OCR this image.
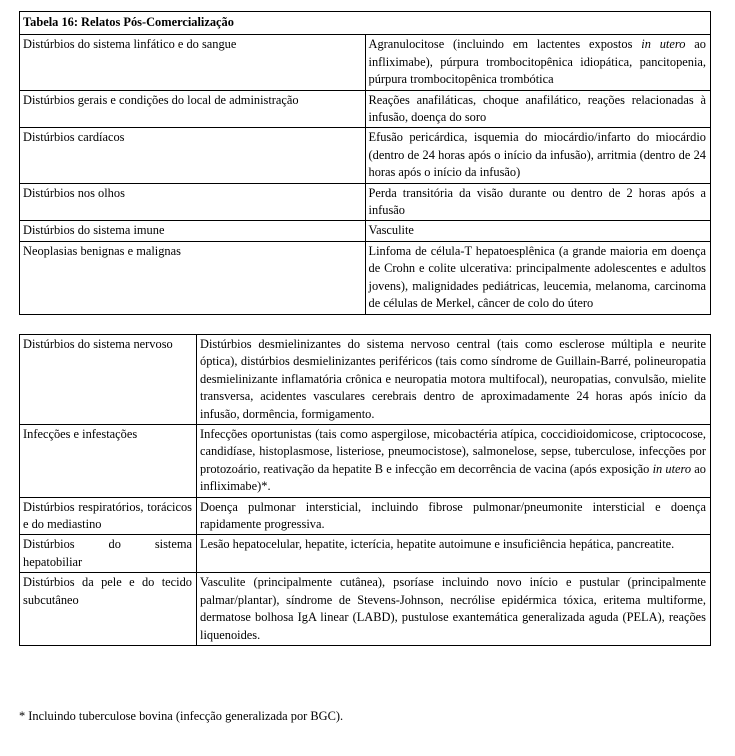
Tabela 16: Relatos Pós-Comercialização	
Distúrbios do sistema linfático e do sangue	Agranulocitose (incluindo em lactentes expostos in utero ao infliximabe), púrpura trombocitopênica idiopática, pancitopenia, púrpura trombocitopênica trombótica
Distúrbios gerais e condições do local de administração	Reações anafiláticas, choque anafilático, reações relacionadas à infusão, doença do soro
Distúrbios cardíacos	Efusão pericárdica, isquemia do miocárdio/infarto do miocárdio (dentro de 24 horas após o início da infusão), arritmia (dentro de 24 horas após o início da infusão)
Distúrbios nos olhos	Perda transitória da visão durante ou dentro de 2 horas após a infusão
Distúrbios do sistema imune	Vasculite
Neoplasias benignas e malignas	Linfoma de célula-T hepatoesplênica (a grande maioria em doença de Crohn e colite ulcerativa: principalmente adolescentes e adultos jovens), malignidades pediátricas, leucemia, melanoma, carcinoma de células de Merkel, câncer de colo do útero
Distúrbios do sistema nervoso	Distúrbios desmielinizantes do sistema nervoso central (tais como esclerose múltipla e neurite óptica), distúrbios desmielinizantes periféricos (tais como síndrome de Guillain-Barré, polineuropatia desmielinizante inflamatória crônica e neuropatia motora multifocal), neuropatias, convulsão, mielite transversa, acidentes vasculares cerebrais dentro de aproximadamente 24 horas após início da infusão, dormência, formigamento.
Infecções e infestações	Infecções oportunistas (tais como aspergilose, micobactéria atípica, coccidioidomicose, criptococose, candidíase, histoplasmose, listeriose, pneumocistose), salmonelose, sepse, tuberculose, infecções por protozoário, reativação da hepatite B e infecção em decorrência de vacina (após exposição in utero ao infliximabe)*.
Distúrbios respiratórios, torácicos e do mediastino	Doença pulmonar intersticial, incluindo fibrose pulmonar/pneumonite intersticial e doença rapidamente progressiva.
Distúrbios do sistema hepatobiliar	Lesão hepatocelular, hepatite, icterícia, hepatite autoimune e insuficiência hepática, pancreatite.
Distúrbios da pele e do tecido subcutâneo	Vasculite (principalmente cutânea), psoríase incluindo novo início e pustular (principalmente palmar/plantar), síndrome de Stevens-Johnson, necrólise epidérmica tóxica, eritema multiforme, dermatose bolhosa IgA linear (LABD), pustulose exantemática generalizada aguda (PELA), reações liquenoides.
* Incluindo tuberculose bovina (infecção generalizada por BGC).
